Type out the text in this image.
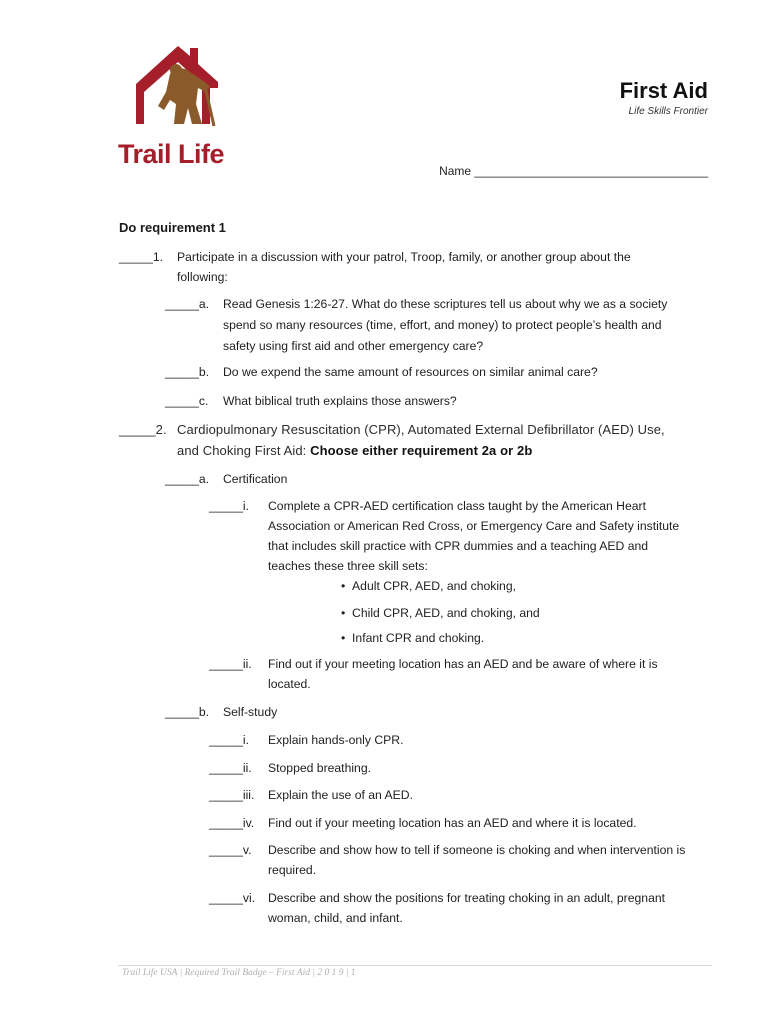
Trail Life
First Aid
Life Skills Frontier
Name ___________________________________
Do requirement 1
_____1. Participate in a discussion with your patrol, Troop, family, or another group about the
following:
_____a. Read Genesis 1:26-27. What do these scriptures tell us about why we as a society
spend so many resources (time, effort, and money) to protect people’s health and
safety using first aid and other emergency care?
_____b. Do we expend the same amount of resources on similar animal care?
_____c. What biblical truth explains those answers?
_____2. Cardiopulmonary Resuscitation (CPR), Automated External Defibrillator (AED) Use,
and Choking First Aid: Choose either requirement 2a or 2b
_____a. Certification
_____i. Complete a CPR-AED certification class taught by the American Heart
Association or American Red Cross, or Emergency Care and Safety institute
that includes skill practice with CPR dummies and a teaching AED and
teaches these three skill sets:
•  Adult CPR, AED, and choking,
•  Child CPR, AED, and choking, and
•  Infant CPR and choking.
_____ii. Find out if your meeting location has an AED and be aware of where it is
located.
_____b. Self-study
_____i. Explain hands-only CPR.
_____ii. Stopped breathing.
_____iii. Explain the use of an AED.
_____iv. Find out if your meeting location has an AED and where it is located.
_____v. Describe and show how to tell if someone is choking and when intervention is
required.
_____vi. Describe and show the positions for treating choking in an adult, pregnant
woman, child, and infant.
Trail Life USA | Required Trail Badge – First Aid | 2 0 1 9 | 1
